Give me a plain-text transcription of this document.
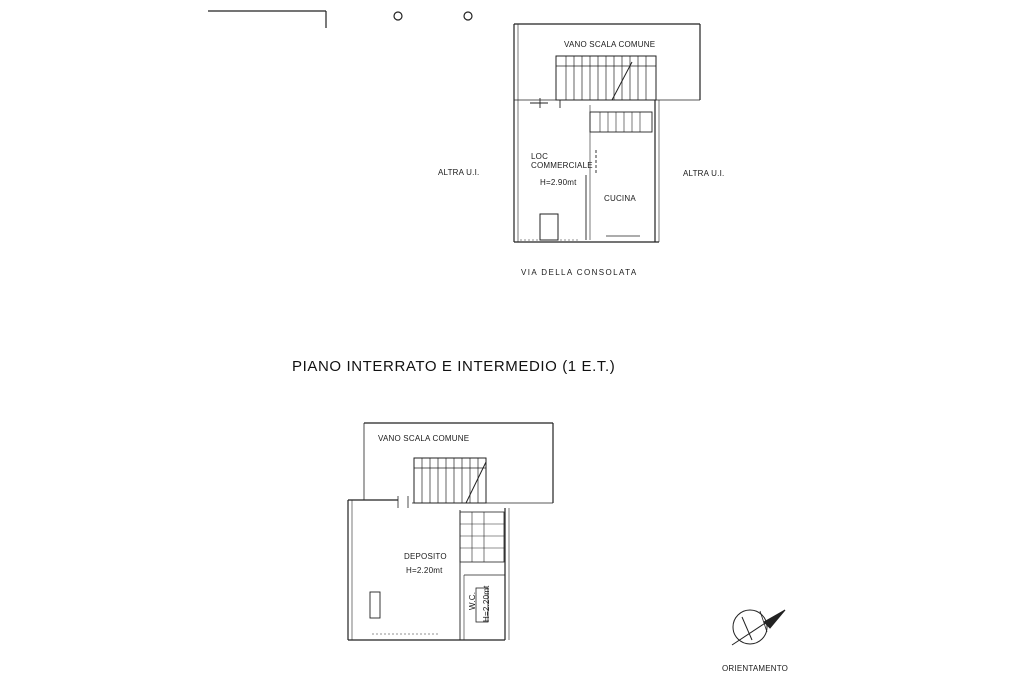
VANO SCALA COMUNE
LOC COMMERCIALE
H=2.90mt
CUCINA
ALTRA U.I.	ALTRA U.I.
VIA DELLA CONSOLATA
PIANO INTERRATO E INTERMEDIO (1 E.T.)
VANO SCALA COMUNE
DEPOSITO
H=2.20mt
W.C. H=2.20mt
ORIENTAMENTO
